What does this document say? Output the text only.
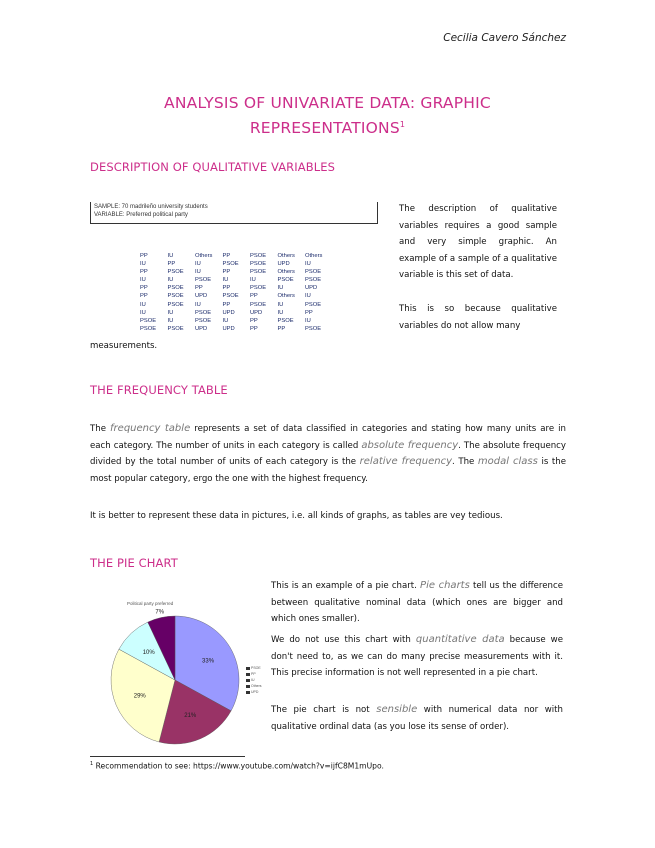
Cecilia Cavero Sánchez
ANALYSIS OF UNIVARIATE DATA: GRAPHIC
REPRESENTATIONS$^1$
DESCRIPTION OF QUALITATIVE VARIABLES
SAMPLE: 70 madrileño university students
VARIABLE: Preferred political party
PP	IU	Others	PP	PSOE	Others	Others
IU	PP	IU	PSOE	PSOE	UPD	IU
PP	PSOE	IU	PP	PSOE	Others	PSOE
IU	IU	PSOE	IU	IU	PSOE	PSOE
PP	PSOE	PP	PP	PSOE	IU	UPD
PP	PSOE	UPD	PSOE	PP	Others	IU
IU	PSOE	IU	PP	PSOE	IU	PSOE
IU	IU	PSOE	UPD	UPD	IU	PP
PSOE	IU	PSOE	IU	PP	PSOE	IU
PSOE	PSOE	UPD	UPD	PP	PP	PSOE
The description of qualitative variables requires a good sample and very simple graphic. An example of a sample of a qualitative variable is this set of data.
This is so because qualitative variables do not allow many
measurements.
THE FREQUENCY TABLE
The frequency table represents a set of data classified in categories and stating how many units are in each category. The number of units in each category is called absolute frequency. The absolute frequency divided by the total number of units of each category is the relative frequency. The modal class is the most popular category, ergo the one with the highest frequency.
It is better to represent these data in pictures, i.e. all kinds of graphs, as tables are vey tedious.
THE PIE CHART
Political party preferred
33%
21%
29%
10%
7%
PSOE
PP
IU
Others
UPD
This is an example of a pie chart. Pie charts tell us the difference between qualitative nominal data (which ones are bigger and which ones smaller).
We do not use this chart with quantitative data because we don't need to, as we can do many precise measurements with it. This precise information is not well represented in a pie chart.
The pie chart is not sensible with numerical data nor with qualitative ordinal data (as you lose its sense of order).
$^1$ Recommendation to see: https://www.youtube.com/watch?v=ijfC8M1mUpo.
